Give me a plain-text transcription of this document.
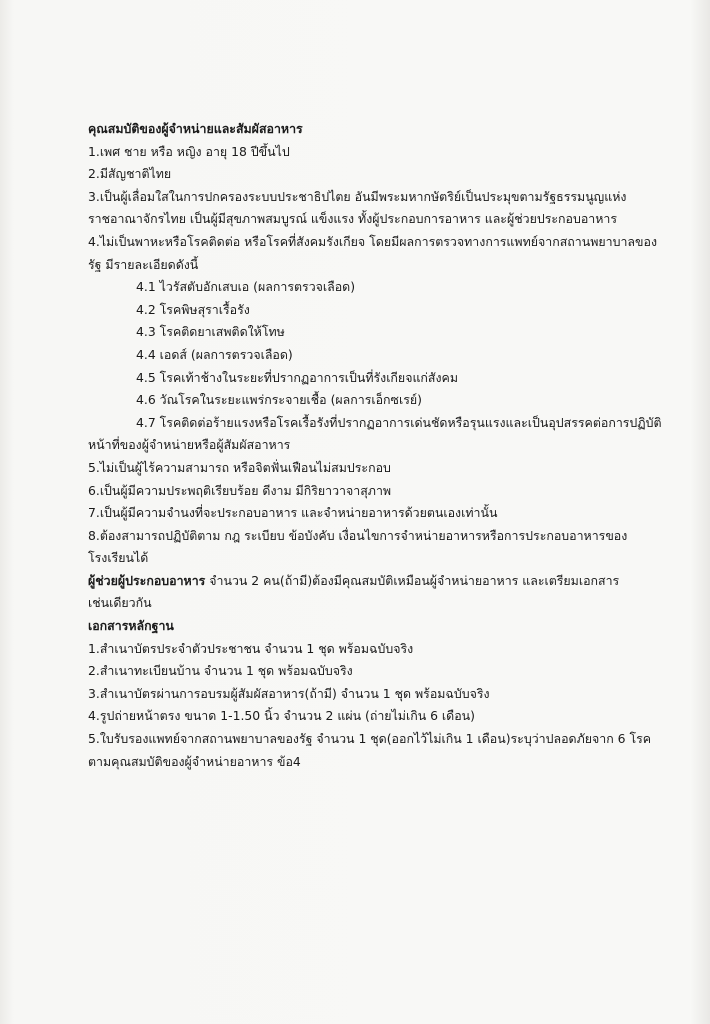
คุณสมบัติของผู้จำหน่ายและสัมผัสอาหาร
1.เพศ ชาย หรือ หญิง อายุ 18 ปีขึ้นไป
2.มีสัญชาติไทย
3.เป็นผู้เลื่อมใสในการปกครองระบบประชาธิปไตย อันมีพระมหากษัตริย์เป็นประมุขตามรัฐธรรมนูญแห่ง
ราชอาณาจักรไทย เป็นผู้มีสุขภาพสมบูรณ์ แข็งแรง ทั้งผู้ประกอบการอาหาร และผู้ช่วยประกอบอาหาร
4.ไม่เป็นพาหะหรือโรคติดต่อ หรือโรคที่สังคมรังเกียจ โดยมีผลการตรวจทางการแพทย์จากสถานพยาบาลของ
รัฐ มีรายละเอียดดังนี้
4.1 ไวรัสตับอักเสบเอ (ผลการตรวจเลือด)
4.2 โรคพิษสุราเรื้อรัง
4.3 โรคติดยาเสพติดให้โทษ
4.4 เอดส์ (ผลการตรวจเลือด)
4.5 โรคเท้าช้างในระยะที่ปรากฏอาการเป็นที่รังเกียจแก่สังคม
4.6 วัณโรคในระยะแพร่กระจายเชื้อ (ผลการเอ็กซเรย์)
4.7 โรคติดต่อร้ายแรงหรือโรคเรื้อรังที่ปรากฏอาการเด่นชัดหรือรุนแรงและเป็นอุปสรรคต่อการปฏิบัติ
หน้าที่ของผู้จำหน่ายหรือผู้สัมผัสอาหาร
5.ไม่เป็นผู้ไร้ความสามารถ หรือจิตฟั่นเฟือนไม่สมประกอบ
6.เป็นผู้มีความประพฤติเรียบร้อย ดีงาม มีกิริยาวาจาสุภาพ
7.เป็นผู้มีความจำนงที่จะประกอบอาหาร และจำหน่ายอาหารด้วยตนเองเท่านั้น
8.ต้องสามารถปฏิบัติตาม กฎ ระเบียบ ข้อบังคับ เงื่อนไขการจำหน่ายอาหารหรือการประกอบอาหารของ
โรงเรียนได้
ผู้ช่วยผู้ประกอบอาหาร จำนวน 2 คน(ถ้ามี)ต้องมีคุณสมบัติเหมือนผู้จำหน่ายอาหาร และเตรียมเอกสาร
เช่นเดียวกัน
เอกสารหลักฐาน
1.สำเนาบัตรประจำตัวประชาชน จำนวน 1 ชุด พร้อมฉบับจริง
2.สำเนาทะเบียนบ้าน จำนวน 1 ชุด พร้อมฉบับจริง
3.สำเนาบัตรผ่านการอบรมผู้สัมผัสอาหาร(ถ้ามี) จำนวน 1 ชุด พร้อมฉบับจริง
4.รูปถ่ายหน้าตรง ขนาด 1-1.50 นิ้ว จำนวน 2 แผ่น (ถ่ายไม่เกิน 6 เดือน)
5.ใบรับรองแพทย์จากสถานพยาบาลของรัฐ จำนวน 1 ชุด(ออกไว้ไม่เกิน 1 เดือน)ระบุว่าปลอดภัยจาก 6 โรค
ตามคุณสมบัติของผู้จำหน่ายอาหาร ข้อ4
